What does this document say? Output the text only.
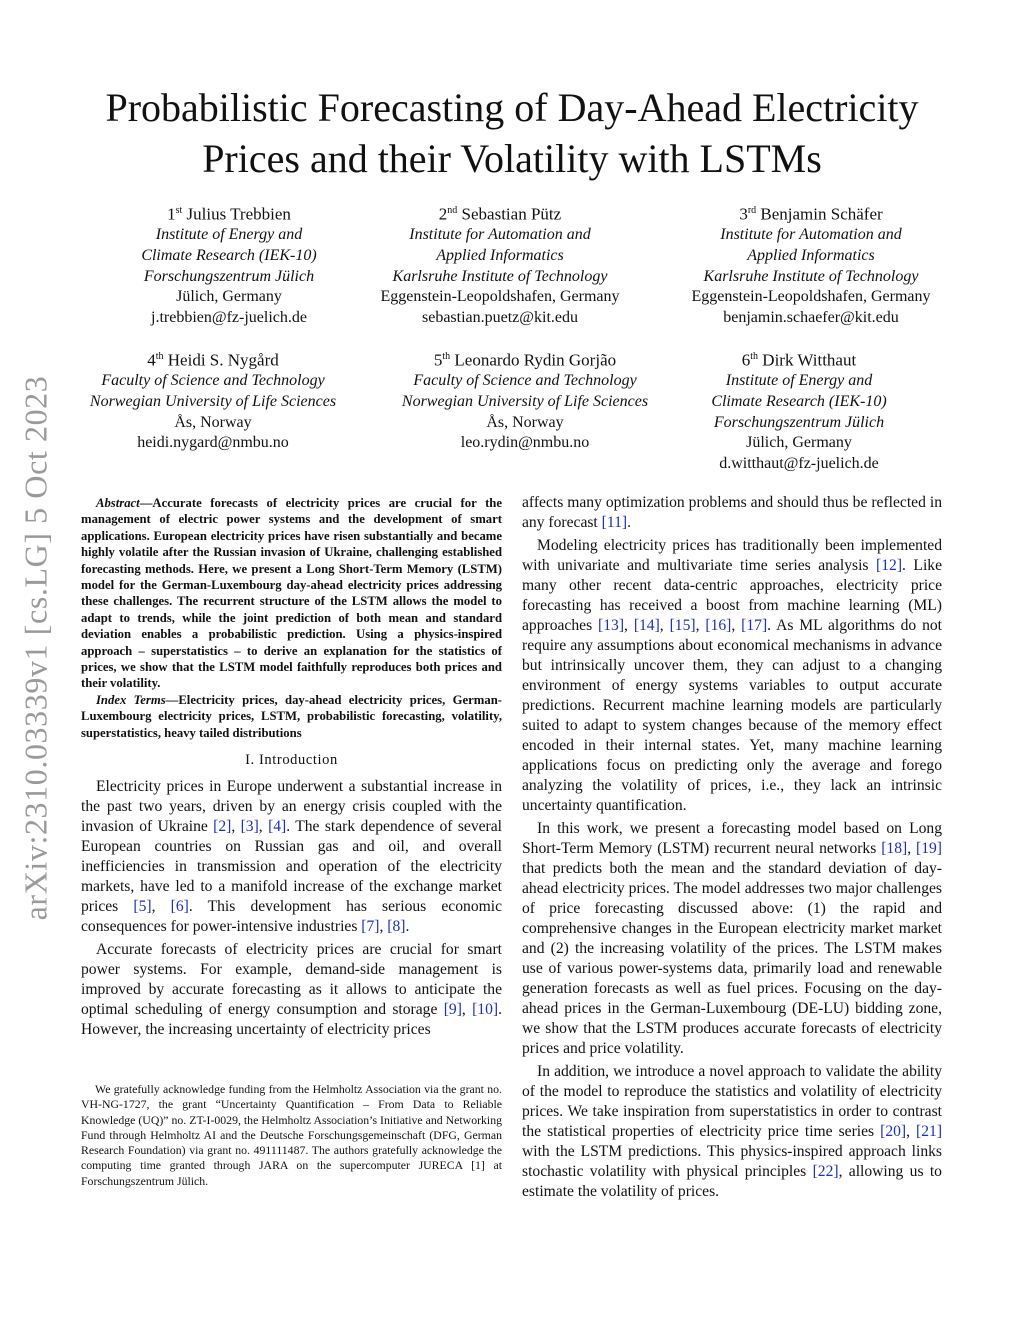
arXiv:2310.03339v1 [cs.LG] 5 Oct 2023
Probabilistic Forecasting of Day-Ahead Electricity Prices and their Volatility with LSTMs
1st Julius Trebbien
Institute of Energy and
Climate Research (IEK-10)
Forschungszentrum Jülich
Jülich, Germany
j.trebbien@fz-juelich.de
2nd Sebastian Pütz
Institute for Automation and
Applied Informatics
Karlsruhe Institute of Technology
Eggenstein-Leopoldshafen, Germany
sebastian.puetz@kit.edu
3rd Benjamin Schäfer
Institute for Automation and
Applied Informatics
Karlsruhe Institute of Technology
Eggenstein-Leopoldshafen, Germany
benjamin.schaefer@kit.edu
4th Heidi S. Nygård
Faculty of Science and Technology
Norwegian University of Life Sciences
Ås, Norway
heidi.nygard@nmbu.no
5th Leonardo Rydin Gorjão
Faculty of Science and Technology
Norwegian University of Life Sciences
Ås, Norway
leo.rydin@nmbu.no
6th Dirk Witthaut
Institute of Energy and
Climate Research (IEK-10)
Forschungszentrum Jülich
Jülich, Germany
d.witthaut@fz-juelich.de

Abstract—Accurate forecasts of electricity prices are crucial for the management of electric power systems and the development of smart applications. European electricity prices have risen substantially and became highly volatile after the Russian invasion of Ukraine, challenging established forecasting methods. Here, we present a Long Short-Term Memory (LSTM) model for the German-Luxembourg day-ahead electricity prices addressing these challenges. The recurrent structure of the LSTM allows the model to adapt to trends, while the joint prediction of both mean and standard deviation enables a probabilistic prediction. Using a physics-inspired approach – superstatistics – to derive an explanation for the statistics of prices, we show that the LSTM model faithfully reproduces both prices and their volatility.

Index Terms—Electricity prices, day-ahead electricity prices, German-Luxembourg electricity prices, LSTM, probabilistic forecasting, volatility, superstatistics, heavy tailed distributions

I. Introduction

Electricity prices in Europe underwent a substantial increase in the past two years, driven by an energy crisis coupled with the invasion of Ukraine [2], [3], [4]. The stark dependence of several European countries on Russian gas and oil, and overall inefficiencies in transmission and operation of the electricity markets, have led to a manifold increase of the exchange market prices [5], [6]. This development has serious economic consequences for power-intensive industries [7], [8].

Accurate forecasts of electricity prices are crucial for smart power systems. For example, demand-side management is improved by accurate forecasting as it allows to anticipate the optimal scheduling of energy consumption and storage [9], [10]. However, the increasing uncertainty of electricity prices

We gratefully acknowledge funding from the Helmholtz Association via the grant no. VH-NG-1727, the grant “Uncertainty Quantification – From Data to Reliable Knowledge (UQ)” no. ZT-I-0029, the Helmholtz Association’s Initiative and Networking Fund through Helmholtz AI and the Deutsche Forschungsgemeinschaft (DFG, German Research Foundation) via grant no. 491111487. The authors gratefully acknowledge the computing time granted through JARA on the supercomputer JURECA [1] at Forschungszentrum Jülich.

affects many optimization problems and should thus be reflected in any forecast [11].

Modeling electricity prices has traditionally been implemented with univariate and multivariate time series analysis [12]. Like many other recent data-centric approaches, electricity price forecasting has received a boost from machine learning (ML) approaches [13], [14], [15], [16], [17]. As ML algorithms do not require any assumptions about economical mechanisms in advance but intrinsically uncover them, they can adjust to a changing environment of energy systems variables to output accurate predictions. Recurrent machine learning models are particularly suited to adapt to system changes because of the memory effect encoded in their internal states. Yet, many machine learning applications focus on predicting only the average and forego analyzing the volatility of prices, i.e., they lack an intrinsic uncertainty quantification.

In this work, we present a forecasting model based on Long Short-Term Memory (LSTM) recurrent neural networks [18], [19] that predicts both the mean and the standard deviation of day-ahead electricity prices. The model addresses two major challenges of price forecasting discussed above: (1) the rapid and comprehensive changes in the European electricity market market and (2) the increasing volatility of the prices. The LSTM makes use of various power-systems data, primarily load and renewable generation forecasts as well as fuel prices. Focusing on the day-ahead prices in the German-Luxembourg (DE-LU) bidding zone, we show that the LSTM produces accurate forecasts of electricity prices and price volatility.

In addition, we introduce a novel approach to validate the ability of the model to reproduce the statistics and volatility of electricity prices. We take inspiration from superstatistics in order to contrast the statistical properties of electricity price time series [20], [21] with the LSTM predictions. This physics-inspired approach links stochastic volatility with physical principles [22], allowing us to estimate the volatility of prices.
